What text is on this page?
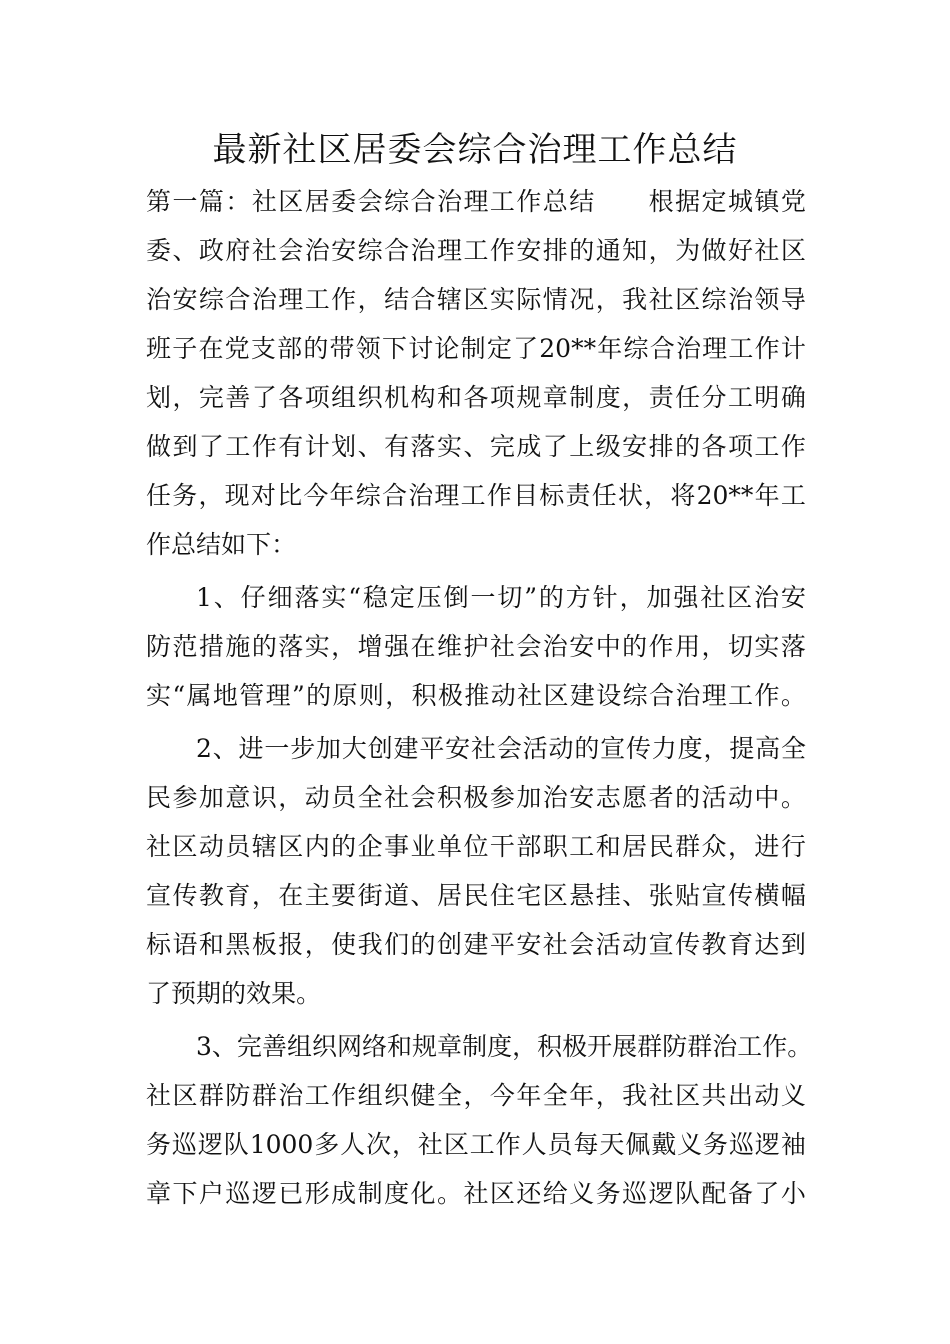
最新社区居委会综合治理工作总结
第 一 篇 ： 社 区 居 委 会 综 合 治 理 工 作 总 结

　 根 据 定 城 镇 党
委 、 政 府 社 会 治 安 综 合 治 理 工 作 安 排 的 通 知 ， 为 做 好 社 区
治 安 综 合 治 理 工 作 ， 结 合 辖 区 实 际 情 况 ， 我 社 区 综 治 领 导
班 子 在 党 支 部 的 带 领 下 讨 论 制 定 了 20** 年 综 合 治 理 工 作 计
划 ， 完 善 了 各 项 组 织 机 构 和 各 项 规 章 制 度 ， 责 任 分 工 明 确
做 到 了 工 作 有 计 划 、 有 落 实 、 完 成 了 上 级 安 排 的 各 项 工 作
任 务 ， 现 对 比 今 年 综 合 治 理 工 作 目 标 责 任 状 ， 将 20** 年 工
作 总 结 如 下 ：
1 、 仔 细 落 实 “ 稳 定 压 倒 一 切 ” 的 方 针 ， 加 强 社 区 治 安
防 范 措 施 的 落 实 ， 增 强 在 维 护 社 会 治 安 中 的 作 用 ， 切 实 落
实 “ 属 地 管 理 ” 的 原 则 ， 积 极 推 动 社 区 建 设 综 合 治 理 工 作 。
2 、 进 一 步 加 大 创 建 平 安 社 会 活 动 的 宣 传 力 度 ， 提 高 全
民 参 加 意 识 ， 动 员 全 社 会 积 极 参 加 治 安 志 愿 者 的 活 动 中 。
社 区 动 员 辖 区 内 的 企 事 业 单 位 干 部 职 工 和 居 民 群 众 ， 进 行
宣 传 教 育 ， 在 主 要 街 道 、 居 民 住 宅 区 悬 挂 、 张 贴 宣 传 横 幅
标 语 和 黑 板 报 ， 使 我 们 的 创 建 平 安 社 会 活 动 宣 传 教 育 达 到
了 预 期 的 效 果 。
3 、 完 善 组 织 网 络 和 规 章 制 度 ， 积 极 开 展 群 防 群 治 工 作 。
社 区 群 防 群 治 工 作 组 织 健 全 ， 今 年 全 年 ， 我 社 区 共 出 动 义
务 巡 逻 队 1000 多 人 次 ， 社 区 工 作 人 员 每 天 佩 戴 义 务 巡 逻 袖
章 下 户 巡 逻 已 形 成 制 度 化 。 社 区 还 给 义 务 巡 逻 队 配 备 了 小
